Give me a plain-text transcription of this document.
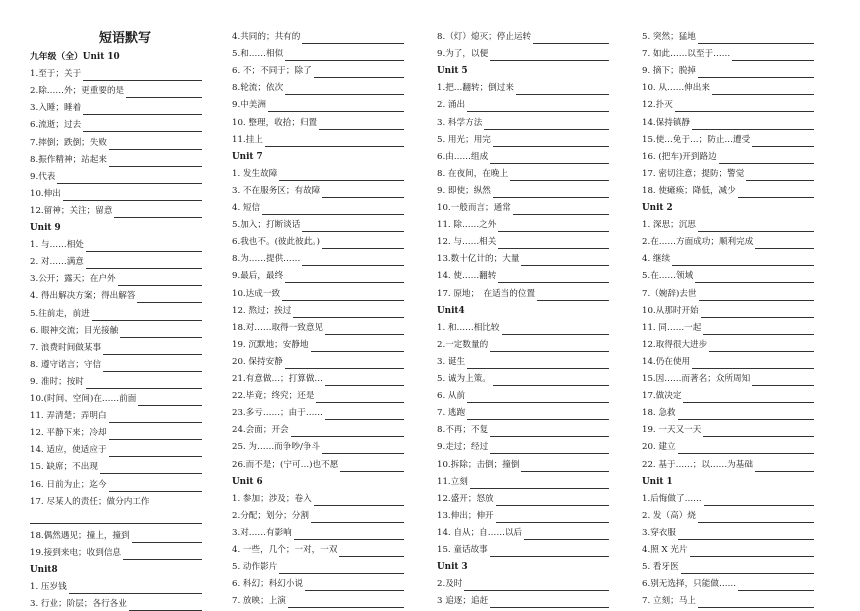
短语默写
九年级（全）Unit 10
1.至于；关于
2.除……外；更重要的是
3.入睡；睡着
6.流逝；过去
7.摔倒；跌倒；失败
8.振作精神；站起来
9.代表
10.伸出
12.留神；关注；留意
Unit 9
1. 与……相处
2. 对……满意
3.公开；露天；在户外
4. 得出解决方案；得出解答
5.往前走，前进
6. 眼神交流；目光接触
7. 浪费时间做某事
8. 遵守诺言；守信
9. 准时；按时
10.(时间、空间)在……前面
11. 弄清楚；弄明白
12. 平静下来；冷却
14. 适应，使适应于
15. 缺席；不出现
16. 日前为止；迄今
17. 尽某人的责任；做分内工作
18.偶然遇见；撞上，撞到
19.接到来电；收到信息
Unit8
1. 压岁钱
3. 行业；阶层；各行各业
4.共同的；共有的
5.和……相似
6. 不；不同于；除了
8.轮流；依次
9.中美洲
10. 整理，收拾；归置
11.挂上
Unit 7
1. 发生故障
3. 不在服务区；有故障
4. 短信
5.加入；打断谈话
6.我也不。(彼此彼此。)
8.为……提供……
9.最后，最终
10.达成一致
12. 熬过；挨过
18.对……取得一致意见
19. 沉默地；安静地
20. 保持安静
21.有意做…；打算做…
22.毕竟；终究；还是
23.多亏……；由于……
24.会面；开会
25. 为……而争吵/争斗
26.而不是；(宁可…)也不愿
Unit 6
1. 参加；涉及；卷入
2.分配；划分；分割
3.对……有影响
4. 一些，几个；一对，一双
5. 动作影片
6. 科幻；科幻小说
7. 放映；上演
8.（灯）熄灭；停止运转
9.为了，以便
Unit 5
1.把…翻转；倒过来
2. 涌出
3. 科学方法
5. 用光；用完
6.由……组成
8. 在夜间，在晚上
9. 即使；纵然
10.一般而言；通常
11. 除……之外
12. 与……相关
13.数十亿计的；大量
14. 使……翻转
17. 原地；　在适当的位置
Unit4
1. 和……相比较
2.一定数量的
3. 诞生
5. 诚为上策。
6. 从前
7. 逃跑
8.不再；不复
9.走过；经过
10.拆除；击倒；撞倒
11.立刻
12.盛开；怒放
13.伸出；伸开
14. 自从；自……以后
15. 童话故事
Unit 3
2.及时
3 追逐；追赶
5. 突然；猛地
7. 如此……以至于……
9. 摘下；脱掉
10. 从……伸出来
12.扑灭
14.保持镇静
15.使…免于…；防止…遭受
16. (把车)开到路边
17. 密切注意；提防；警觉
18. 使瘫痪；降低，减少
Unit 2
1. 深思；沉思
2.在……方面成功；顺利完成
4. 继续
5.在……领域
7.（婉辞)去世
10.从那时开始
11. 同……一起
12.取得很大进步
14.仍在使用
15.因……而著名；众所周知
17.做决定
18. 急救
19. 一天又一天
20. 建立
22. 基于……；以……为基础
Unit 1
1.后悔做了……
2. 发（高）烧
3.穿衣服
4.照 X 光片
5. 看牙医
6.别无选择，只能做……
7. 立刻；马上
